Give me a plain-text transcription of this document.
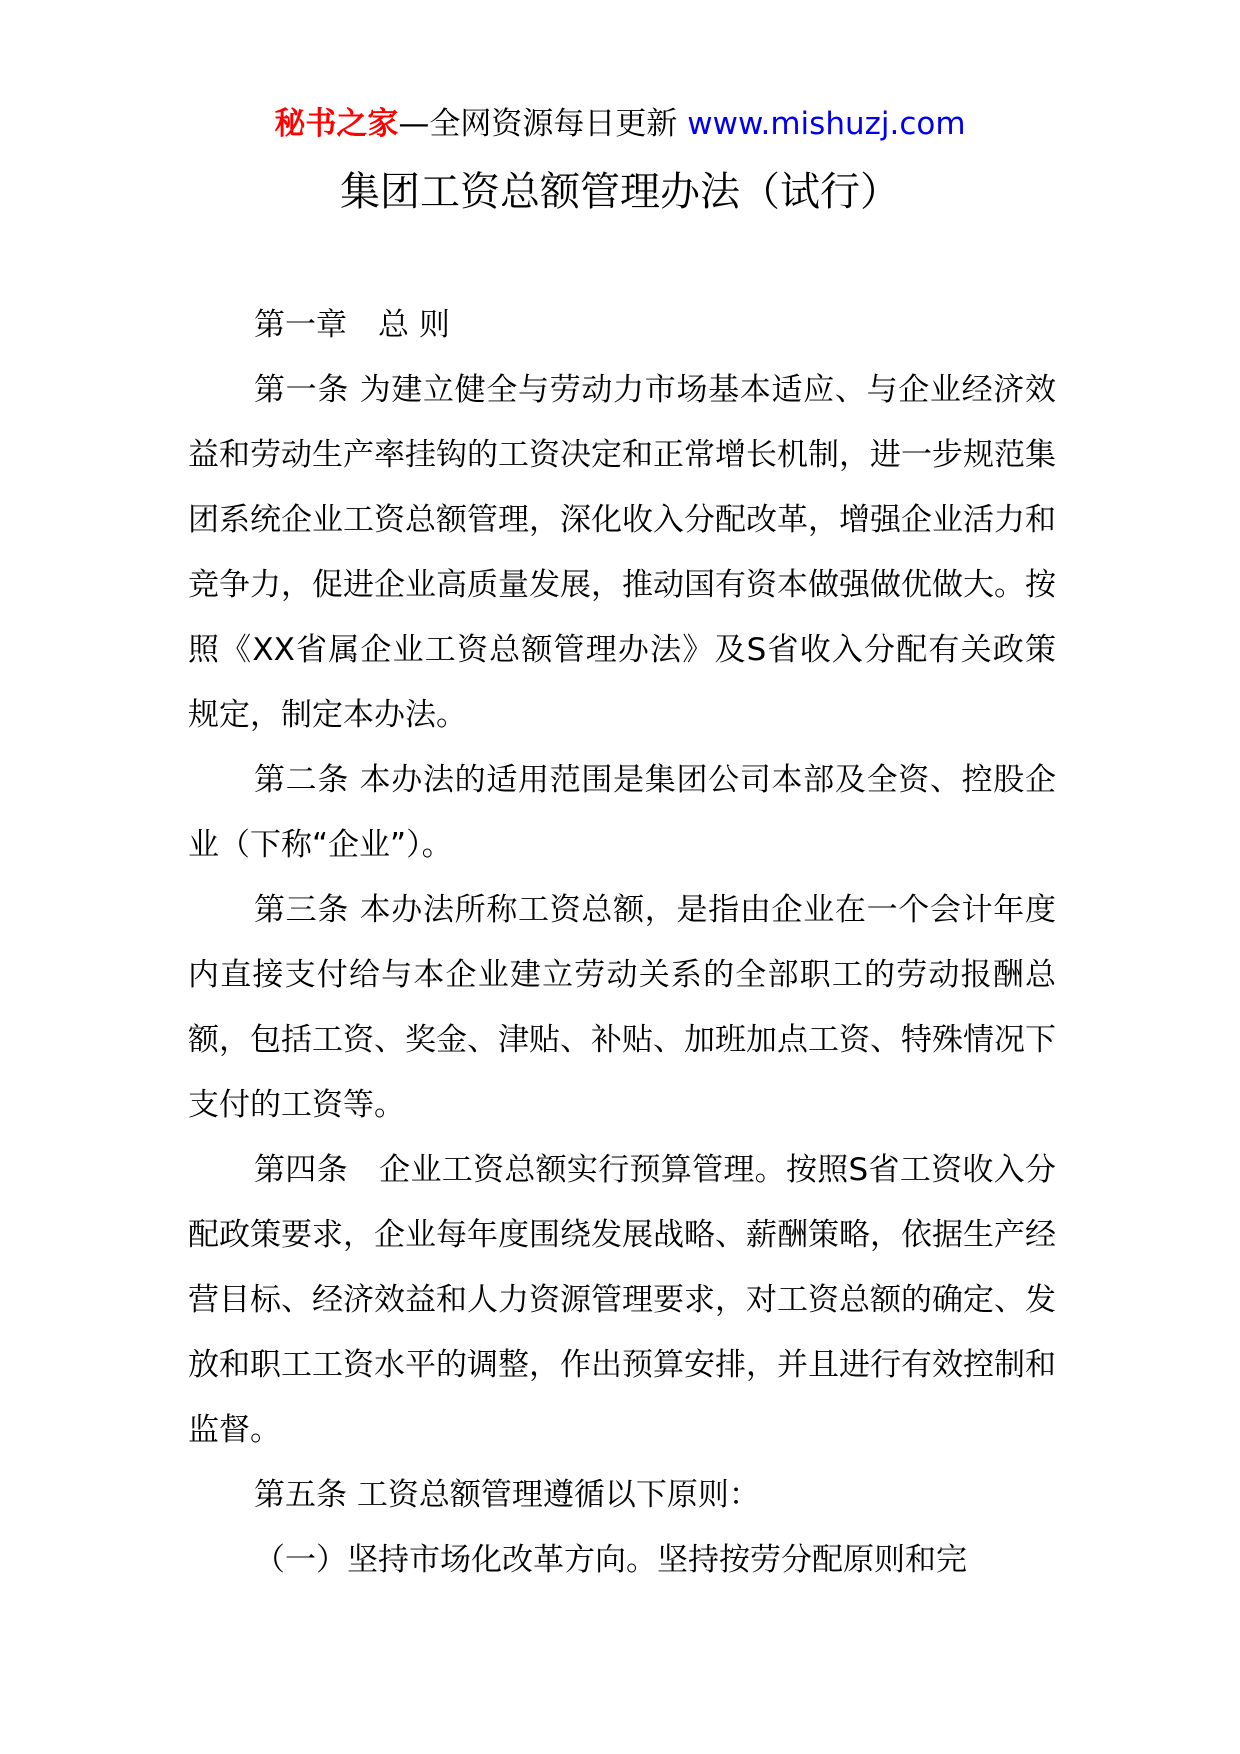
秘书之家—全网资源每日更新 www.mishuzj.com
集团工资总额管理办法（试行）

第一章　总 则

第一条 为建立健全与劳动力市场基本适应、与企业经济效益和劳动生产率挂钩的工资决定和正常增长机制，进一步规范集团系统企业工资总额管理，深化收入分配改革，增强企业活力和竞争力，促进企业高质量发展，推动国有资本做强做优做大。按照《XX省属企业工资总额管理办法》及S省收入分配有关政策规定，制定本办法。

第二条 本办法的适用范围是集团公司本部及全资、控股企业（下称“企业”）。

第三条 本办法所称工资总额，是指由企业在一个会计年度内直接支付给与本企业建立劳动关系的全部职工的劳动报酬总额，包括工资、奖金、津贴、补贴、加班加点工资、特殊情况下支付的工资等。

第四条　企业工资总额实行预算管理。按照S省工资收入分配政策要求，企业每年度围绕发展战略、薪酬策略，依据生产经营目标、经济效益和人力资源管理要求，对工资总额的确定、发放和职工工资水平的调整，作出预算安排，并且进行有效控制和监督。

第五条 工资总额管理遵循以下原则：

（一）坚持市场化改革方向。坚持按劳分配原则和完
